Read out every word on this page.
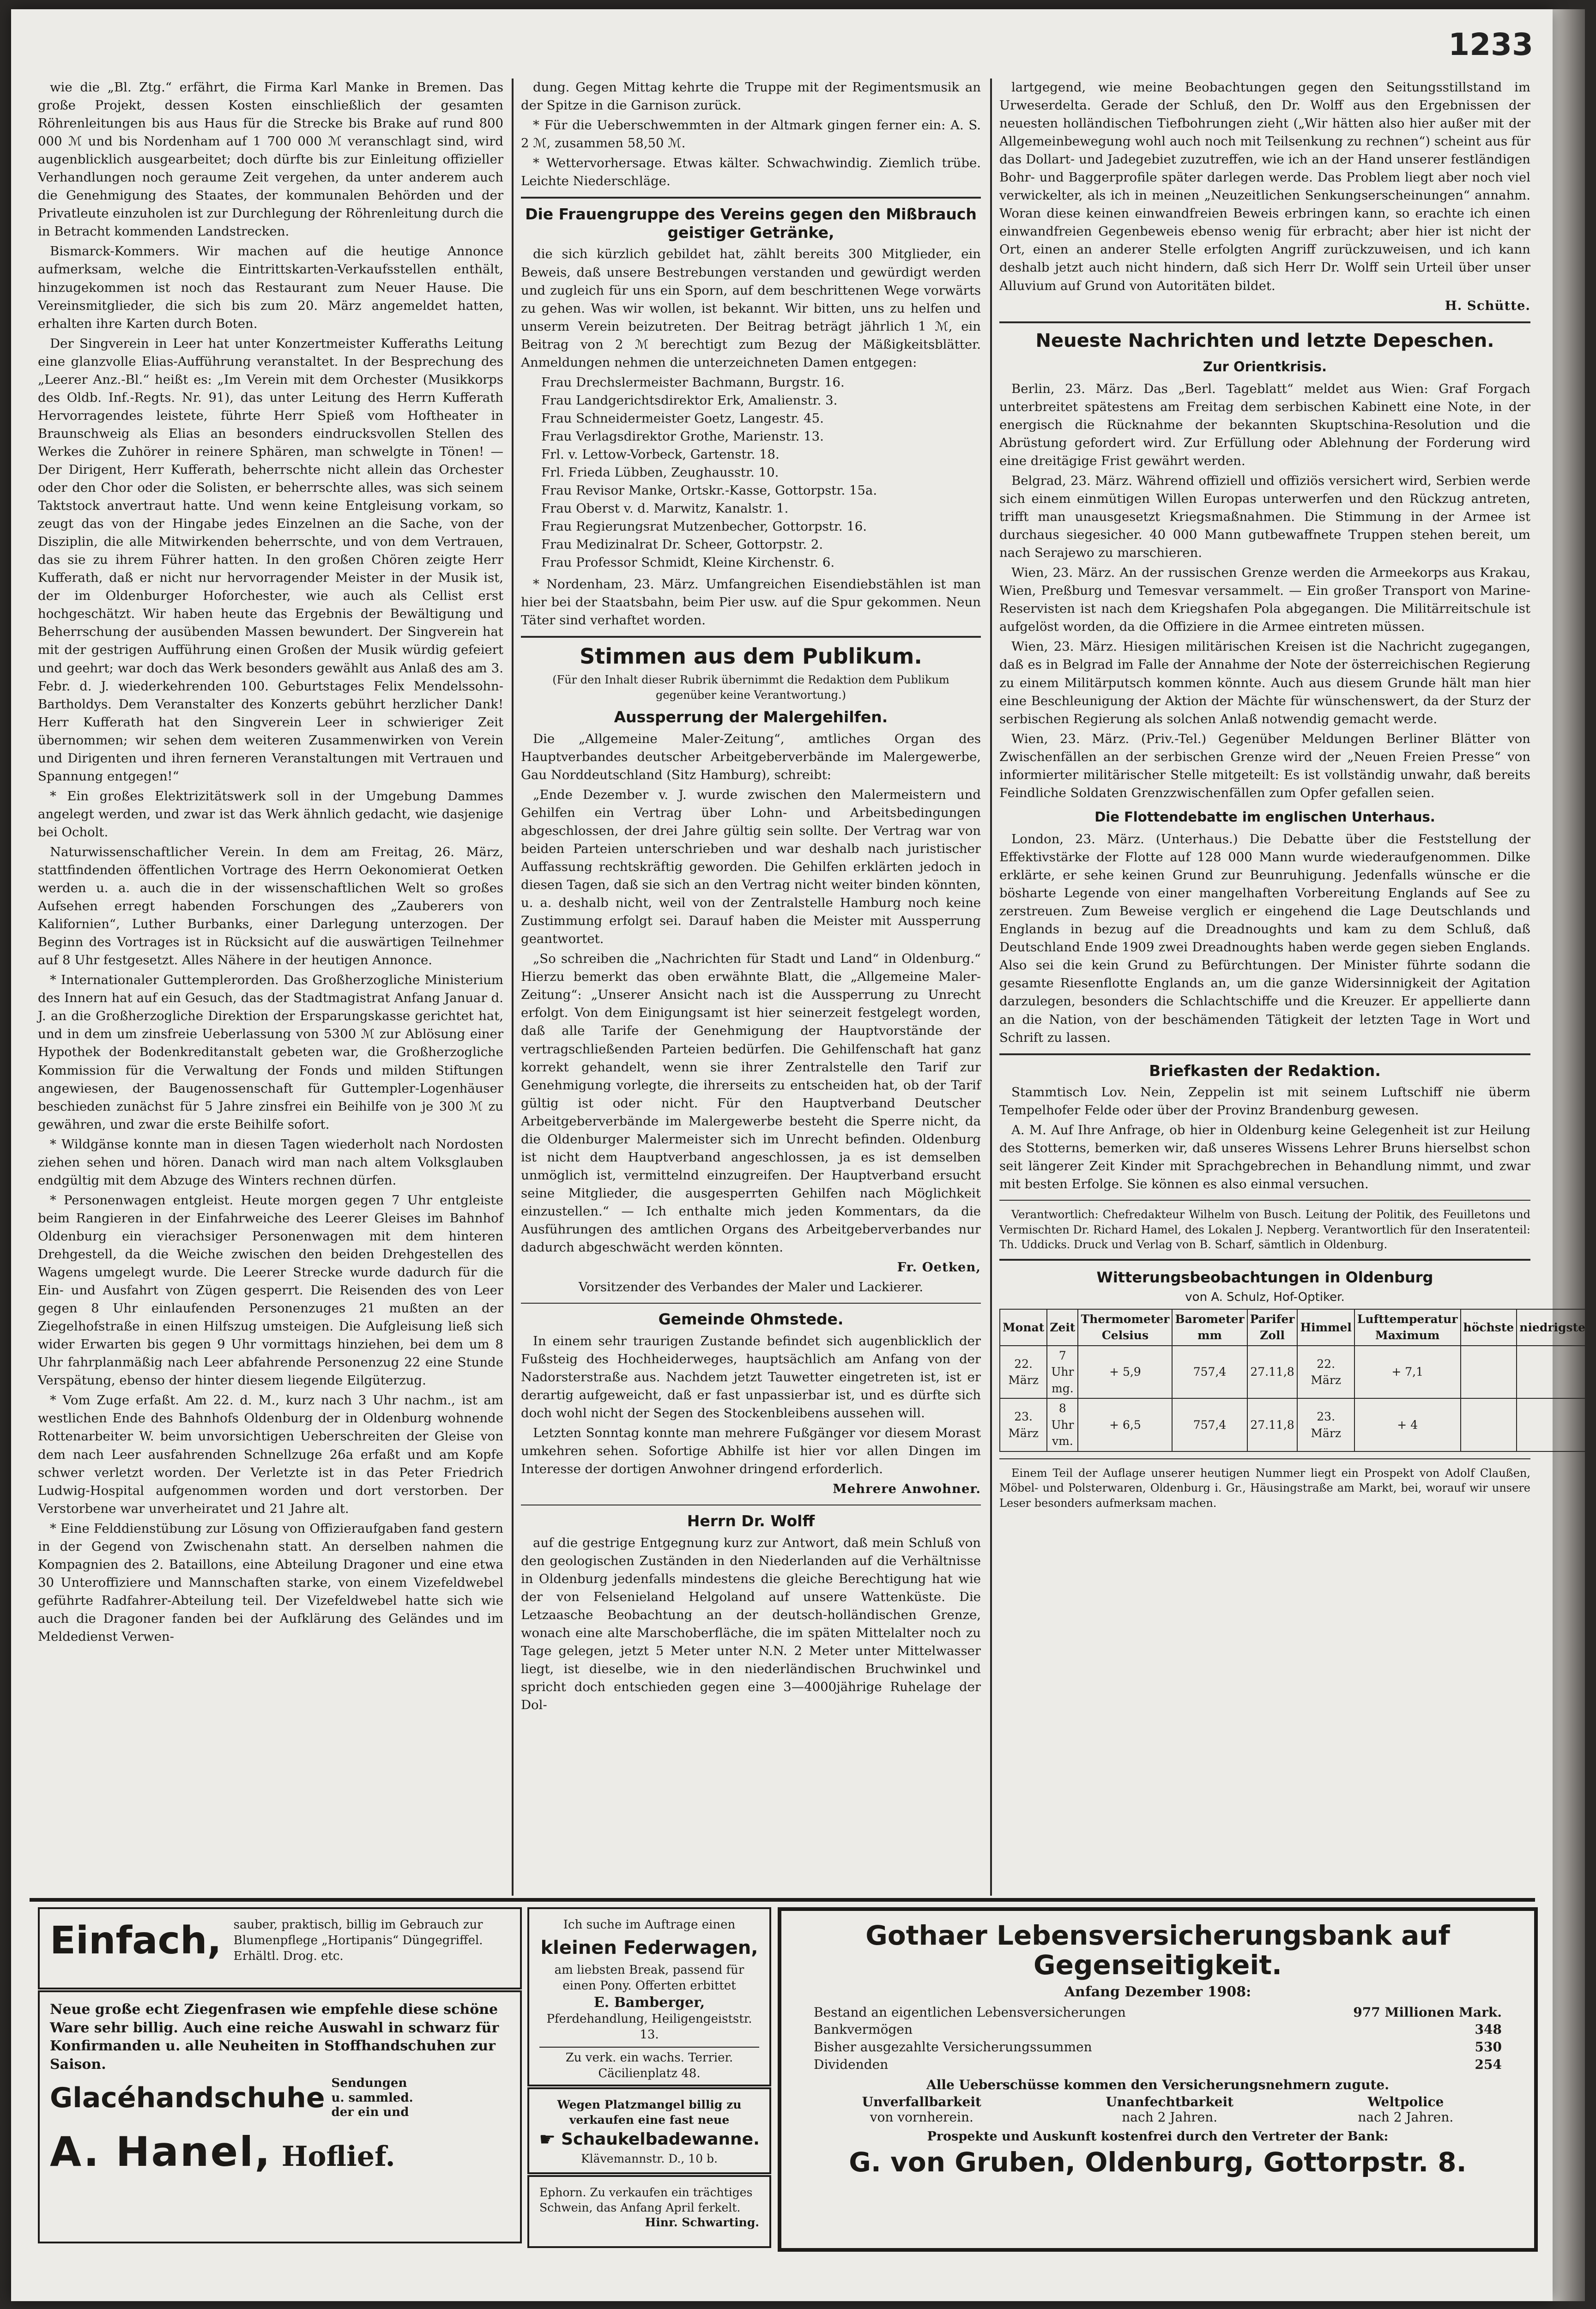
1233

wie die „Bl. Ztg.“ erfährt, die Firma Karl Manke in Bremen. Das große Projekt, dessen Kosten einschließlich der gesamten Röhrenleitungen bis aus Haus für die Strecke bis Brake auf rund 800 000 ℳ und bis Nordenham auf 1 700 000 ℳ veranschlagt sind, wird augenblicklich ausgearbeitet; doch dürfte bis zur Einleitung offizieller Verhandlungen noch geraume Zeit vergehen, da unter anderem auch die Genehmigung des Staates, der kommunalen Behörden und der Privatleute einzuholen ist zur Durchlegung der Röhrenleitung durch die in Betracht kommenden Landstrecken.

Bismarck-Kommers. Wir machen auf die heutige Annonce aufmerksam, welche die Eintrittskarten-Verkaufsstellen enthält, hinzugekommen ist noch das Restaurant zum Neuer Hause. Die Vereinsmitglieder, die sich bis zum 20. März angemeldet hatten, erhalten ihre Karten durch Boten.

Der Singverein in Leer hat unter Konzertmeister Kufferaths Leitung eine glanzvolle Elias-Aufführung veranstaltet. In der Besprechung des „Leerer Anz.-Bl.“ heißt es: „Im Verein mit dem Orchester (Musikkorps des Oldb. Inf.-Regts. Nr. 91), das unter Leitung des Herrn Kufferath Hervorragendes leistete, führte Herr Spieß vom Hoftheater in Braunschweig als Elias an besonders eindrucksvollen Stellen des Werkes die Zuhörer in reinere Sphären, man schwelgte in Tönen! — Der Dirigent, Herr Kufferath, beherrschte nicht allein das Orchester oder den Chor oder die Solisten, er beherrschte alles, was sich seinem Taktstock anvertraut hatte. Und wenn keine Entgleisung vorkam, so zeugt das von der Hingabe jedes Einzelnen an die Sache, von der Disziplin, die alle Mitwirkenden beherrschte, und von dem Vertrauen, das sie zu ihrem Führer hatten. In den großen Chören zeigte Herr Kufferath, daß er nicht nur hervorragender Meister in der Musik ist, der im Oldenburger Hoforchester, wie auch als Cellist erst hochgeschätzt. Wir haben heute das Ergebnis der Bewältigung und Beherrschung der ausübenden Massen bewundert. Der Singverein hat mit der gestrigen Aufführung einen Großen der Musik würdig gefeiert und geehrt; war doch das Werk besonders gewählt aus Anlaß des am 3. Febr. d. J. wiederkehrenden 100. Geburtstages Felix Mendelssohn-Bartholdys. Dem Veranstalter des Konzerts gebührt herzlicher Dank! Herr Kufferath hat den Singverein Leer in schwieriger Zeit übernommen; wir sehen dem weiteren Zusammenwirken von Verein und Dirigenten und ihren ferneren Veranstaltungen mit Vertrauen und Spannung entgegen!“

* Ein großes Elektrizitätswerk soll in der Umgebung Dammes angelegt werden, und zwar ist das Werk ähnlich gedacht, wie dasjenige bei Ocholt.

Naturwissenschaftlicher Verein. In dem am Freitag, 26. März, stattfindenden öffentlichen Vortrage des Herrn Oekonomierat Oetken werden u. a. auch die in der wissenschaftlichen Welt so großes Aufsehen erregt habenden Forschungen des „Zauberers von Kalifornien“, Luther Burbanks, einer Darlegung unterzogen. Der Beginn des Vortrages ist in Rücksicht auf die auswärtigen Teilnehmer auf 8 Uhr festgesetzt. Alles Nähere in der heutigen Annonce.

* Internationaler Guttemplerorden. Das Großherzogliche Ministerium des Innern hat auf ein Gesuch, das der Stadtmagistrat Anfang Januar d. J. an die Großherzogliche Direktion der Ersparungskasse gerichtet hat, und in dem um zinsfreie Ueberlassung von 5300 ℳ zur Ablösung einer Hypothek der Bodenkreditanstalt gebeten war, die Großherzogliche Kommission für die Verwaltung der Fonds und milden Stiftungen angewiesen, der Baugenossenschaft für Guttempler-Logenhäuser beschieden zunächst für 5 Jahre zinsfrei ein Beihilfe von je 300 ℳ zu gewähren, und zwar die erste Beihilfe sofort.

* Wildgänse konnte man in diesen Tagen wiederholt nach Nordosten ziehen sehen und hören. Danach wird man nach altem Volksglauben endgültig mit dem Abzuge des Winters rechnen dürfen.

* Personenwagen entgleist. Heute morgen gegen 7 Uhr entgleiste beim Rangieren in der Einfahrweiche des Leerer Gleises im Bahnhof Oldenburg ein vierachsiger Personenwagen mit dem hinteren Drehgestell, da die Weiche zwischen den beiden Drehgestellen des Wagens umgelegt wurde. Die Leerer Strecke wurde dadurch für die Ein- und Ausfahrt von Zügen gesperrt. Die Reisenden des von Leer gegen 8 Uhr einlaufenden Personenzuges 21 mußten an der Ziegelhofstraße in einen Hilfszug umsteigen. Die Aufgleisung ließ sich wider Erwarten bis gegen 9 Uhr vormittags hinziehen, bei dem um 8 Uhr fahrplanmäßig nach Leer abfahrende Personenzug 22 eine Stunde Verspätung, ebenso der hinter diesem liegende Eilgüterzug.

* Vom Zuge erfaßt. Am 22. d. M., kurz nach 3 Uhr nachm., ist am westlichen Ende des Bahnhofs Oldenburg der in Oldenburg wohnende Rottenarbeiter W. beim unvorsichtigen Ueberschreiten der Gleise von dem nach Leer ausfahrenden Schnellzuge 26a erfaßt und am Kopfe schwer verletzt worden. Der Verletzte ist in das Peter Friedrich Ludwig-Hospital aufgenommen worden und dort verstorben. Der Verstorbene war unverheiratet und 21 Jahre alt.

* Eine Felddienstübung zur Lösung von Offizieraufgaben fand gestern in der Gegend von Zwischenahn statt. An derselben nahmen die Kompagnien des 2. Bataillons, eine Abteilung Dragoner und eine etwa 30 Unteroffiziere und Mannschaften starke, von einem Vizefeldwebel geführte Radfahrer-Abteilung teil. Der Vizefeldwebel hatte sich wie auch die Dragoner fanden bei der Aufklärung des Geländes und im Meldedienst Verwen-

dung. Gegen Mittag kehrte die Truppe mit der Regimentsmusik an der Spitze in die Garnison zurück.

* Für die Ueberschwemmten in der Altmark gingen ferner ein: A. S. 2 ℳ, zusammen 58,50 ℳ.

* Wettervorhersage. Etwas kälter. Schwachwindig. Ziemlich trübe. Leichte Niederschläge.

Die Frauengruppe des Vereins gegen den Mißbrauch geistiger Getränke,

die sich kürzlich gebildet hat, zählt bereits 300 Mitglieder, ein Beweis, daß unsere Bestrebungen verstanden und gewürdigt werden und zugleich für uns ein Sporn, auf dem beschrittenen Wege vorwärts zu gehen. Was wir wollen, ist bekannt. Wir bitten, uns zu helfen und unserm Verein beizutreten. Der Beitrag beträgt jährlich 1 ℳ, ein Beitrag von 2 ℳ berechtigt zum Bezug der Mäßigkeitsblätter. Anmeldungen nehmen die unterzeichneten Damen entgegen:

Frau Drechslermeister Bachmann, Burgstr. 16.
Frau Landgerichtsdirektor Erk, Amalienstr. 3.
Frau Schneidermeister Goetz, Langestr. 45.
Frau Verlagsdirektor Grothe, Marienstr. 13.
Frl. v. Lettow-Vorbeck, Gartenstr. 18.
Frl. Frieda Lübben, Zeughausstr. 10.
Frau Revisor Manke, Ortskr.-Kasse, Gottorpstr. 15a.
Frau Oberst v. d. Marwitz, Kanalstr. 1.
Frau Regierungsrat Mutzenbecher, Gottorpstr. 16.
Frau Medizinalrat Dr. Scheer, Gottorpstr. 2.
Frau Professor Schmidt, Kleine Kirchenstr. 6.

* Nordenham, 23. März. Umfangreichen Eisendiebstählen ist man hier bei der Staatsbahn, beim Pier usw. auf die Spur gekommen. Neun Täter sind verhaftet worden.

Stimmen aus dem Publikum.

(Für den Inhalt dieser Rubrik übernimmt die Redaktion dem Publikum gegenüber keine Verantwortung.)

Aussperrung der Malergehilfen.

Die „Allgemeine Maler-Zeitung“, amtliches Organ des Hauptverbandes deutscher Arbeitgeberverbände im Malergewerbe, Gau Norddeutschland (Sitz Hamburg), schreibt:

„Ende Dezember v. J. wurde zwischen den Malermeistern und Gehilfen ein Vertrag über Lohn- und Arbeitsbedingungen abgeschlossen, der drei Jahre gültig sein sollte. Der Vertrag war von beiden Parteien unterschrieben und war deshalb nach juristischer Auffassung rechtskräftig geworden. Die Gehilfen erklärten jedoch in diesen Tagen, daß sie sich an den Vertrag nicht weiter binden könnten, u. a. deshalb nicht, weil von der Zentralstelle Hamburg noch keine Zustimmung erfolgt sei. Darauf haben die Meister mit Aussperrung geantwortet.

„So schreiben die „Nachrichten für Stadt und Land“ in Oldenburg.“ Hierzu bemerkt das oben erwähnte Blatt, die „Allgemeine Maler-Zeitung“: „Unserer Ansicht nach ist die Aussperrung zu Unrecht erfolgt. Von dem Einigungsamt ist hier seinerzeit festgelegt worden, daß alle Tarife der Genehmigung der Hauptvorstände der vertragschließenden Parteien bedürfen. Die Gehilfenschaft hat ganz korrekt gehandelt, wenn sie ihrer Zentralstelle den Tarif zur Genehmigung vorlegte, die ihrerseits zu entscheiden hat, ob der Tarif gültig ist oder nicht. Für den Hauptverband Deutscher Arbeitgeberverbände im Malergewerbe besteht die Sperre nicht, da die Oldenburger Malermeister sich im Unrecht befinden. Oldenburg ist nicht dem Hauptverband angeschlossen, ja es ist demselben unmöglich ist, vermittelnd einzugreifen. Der Hauptverband ersucht seine Mitglieder, die ausgesperrten Gehilfen nach Möglichkeit einzustellen.“ — Ich enthalte mich jeden Kommentars, da die Ausführungen des amtlichen Organs des Arbeitgeberverbandes nur dadurch abgeschwächt werden könnten.

Fr. Oetken,

Vorsitzender des Verbandes der Maler und Lackierer.

Gemeinde Ohmstede.

In einem sehr traurigen Zustande befindet sich augenblicklich der Fußsteig des Hochheiderweges, hauptsächlich am Anfang von der Nadorsterstraße aus. Nachdem jetzt Tauwetter eingetreten ist, ist er derartig aufgeweicht, daß er fast unpassierbar ist, und es dürfte sich doch wohl nicht der Segen des Stockenbleibens aussehen will.

Letzten Sonntag konnte man mehrere Fußgänger vor diesem Morast umkehren sehen. Sofortige Abhilfe ist hier vor allen Dingen im Interesse der dortigen Anwohner dringend erforderlich.

Mehrere Anwohner.

Herrn Dr. Wolff

auf die gestrige Entgegnung kurz zur Antwort, daß mein Schluß von den geologischen Zuständen in den Niederlanden auf die Verhältnisse in Oldenburg jedenfalls mindestens die gleiche Berechtigung hat wie der von Felsenieland Helgoland auf unsere Wattenküste. Die Letzaasche Beobachtung an der deutsch-holländischen Grenze, wonach eine alte Marschoberfläche, die im späten Mittelalter noch zu Tage gelegen, jetzt 5 Meter unter N.N. 2 Meter unter Mittelwasser liegt, ist dieselbe, wie in den niederländischen Bruchwinkel und spricht doch entschieden gegen eine 3—4000jährige Ruhelage der Dol-

lartgegend, wie meine Beobachtungen gegen den Seitungsstillstand im Urweserdelta. Gerade der Schluß, den Dr. Wolff aus den Ergebnissen der neuesten holländischen Tiefbohrungen zieht („Wir hätten also hier außer mit der Allgemeinbewegung wohl auch noch mit Teilsenkung zu rechnen“) scheint aus für das Dollart- und Jadegebiet zuzutreffen, wie ich an der Hand unserer festländigen Bohr- und Baggerprofile später darlegen werde. Das Problem liegt aber noch viel verwickelter, als ich in meinen „Neuzeitlichen Senkungserscheinungen“ annahm. Woran diese keinen einwandfreien Beweis erbringen kann, so erachte ich einen einwandfreien Gegenbeweis ebenso wenig für erbracht; aber hier ist nicht der Ort, einen an anderer Stelle erfolgten Angriff zurückzuweisen, und ich kann deshalb jetzt auch nicht hindern, daß sich Herr Dr. Wolff sein Urteil über unser Alluvium auf Grund von Autoritäten bildet.

H. Schütte.

Neueste Nachrichten und letzte Depeschen.
Zur Orientkrisis.

Berlin, 23. März. Das „Berl. Tageblatt“ meldet aus Wien: Graf Forgach unterbreitet spätestens am Freitag dem serbischen Kabinett eine Note, in der energisch die Rücknahme der bekannten Skuptschina-Resolution und die Abrüstung gefordert wird. Zur Erfüllung oder Ablehnung der Forderung wird eine dreitägige Frist gewährt werden.

Belgrad, 23. März. Während offiziell und offiziös versichert wird, Serbien werde sich einem einmütigen Willen Europas unterwerfen und den Rückzug antreten, trifft man unausgesetzt Kriegsmaßnahmen. Die Stimmung in der Armee ist durchaus siegesicher. 40 000 Mann gutbewaffnete Truppen stehen bereit, um nach Serajewo zu marschieren.

Wien, 23. März. An der russischen Grenze werden die Armeekorps aus Krakau, Wien, Preßburg und Temesvar versammelt. — Ein großer Transport von Marine-Reservisten ist nach dem Kriegshafen Pola abgegangen. Die Militärreitschule ist aufgelöst worden, da die Offiziere in die Armee eintreten müssen.

Wien, 23. März. Hiesigen militärischen Kreisen ist die Nachricht zugegangen, daß es in Belgrad im Falle der Annahme der Note der österreichischen Regierung zu einem Militärputsch kommen könnte. Auch aus diesem Grunde hält man hier eine Beschleunigung der Aktion der Mächte für wünschenswert, da der Sturz der serbischen Regierung als solchen Anlaß notwendig gemacht werde.

Wien, 23. März. (Priv.-Tel.) Gegenüber Meldungen Berliner Blätter von Zwischenfällen an der serbischen Grenze wird der „Neuen Freien Presse“ von informierter militärischer Stelle mitgeteilt: Es ist vollständig unwahr, daß bereits Feindliche Soldaten Grenzzwischenfällen zum Opfer gefallen seien.

Die Flottendebatte im englischen Unterhaus.

London, 23. März. (Unterhaus.) Die Debatte über die Feststellung der Effektivstärke der Flotte auf 128 000 Mann wurde wiederaufgenommen. Dilke erklärte, er sehe keinen Grund zur Beunruhigung. Jedenfalls wünsche er die bösharte Legende von einer mangelhaften Vorbereitung Englands auf See zu zerstreuen. Zum Beweise verglich er eingehend die Lage Deutschlands und Englands in bezug auf die Dreadnoughts und kam zu dem Schluß, daß Deutschland Ende 1909 zwei Dreadnoughts haben werde gegen sieben Englands. Also sei die kein Grund zu Befürchtungen. Der Minister führte sodann die gesamte Riesenflotte Englands an, um die ganze Widersinnigkeit der Agitation darzulegen, besonders die Schlachtschiffe und die Kreuzer. Er appellierte dann an die Nation, von der beschämenden Tätigkeit der letzten Tage in Wort und Schrift zu lassen.

Briefkasten der Redaktion.

Stammtisch Lov. Nein, Zeppelin ist mit seinem Luftschiff nie überm Tempelhofer Felde oder über der Provinz Brandenburg gewesen.

A. M. Auf Ihre Anfrage, ob hier in Oldenburg keine Gelegenheit ist zur Heilung des Stotterns, bemerken wir, daß unseres Wissens Lehrer Bruns hierselbst schon seit längerer Zeit Kinder mit Sprachgebrechen in Behandlung nimmt, und zwar mit besten Erfolge. Sie können es also einmal versuchen.

Verantwortlich: Chefredakteur Wilhelm von Busch. Leitung der Politik, des Feuilletons und Vermischten Dr. Richard Hamel, des Lokalen J. Nepberg. Verantwortlich für den Inseratenteil: Th. Uddicks. Druck und Verlag von B. Scharf, sämtlich in Oldenburg.

Witterungsbeobachtungen in Oldenburg
von A. Schulz, Hof-Optiker.
Monat	Zeit	Thermometer Celsius	Barometer mm	Parifer Zoll	Himmel	Lufttemperatur Maximum	höchste	niedrigste
22. März	7 Uhr mg.	+ 5,9	757,4	27.11,8	22. März	+ 7,1		
23. März	8 Uhr vm.	+ 6,5	757,4	27.11,8	23. März	+ 4		

Einem Teil der Auflage unserer heutigen Nummer liegt ein Prospekt von Adolf Claußen, Möbel- und Polsterwaren, Oldenburg i. Gr., Häusingstraße am Markt, bei, worauf wir unsere Leser besonders aufmerksam machen.

Einfach, sauber, praktisch, billig im Gebrauch zur Blumenpflege „Hortipanis“ Düngegriffel. Erhältl. Drog. etc.
Neue große echt Ziegenfrasen wie empfehle diese schöne Ware sehr billig. Auch eine reiche Auswahl in schwarz für Konfirmanden u. alle Neuheiten in Stoffhandschuhen zur Saison.
Glacéhandschuhe Sendungen u. sammled. der ein und
A. Hanel, Hoflief.
Ich suche im Auftrage einen
kleinen Federwagen,
am liebsten Break, passend für einen Pony. Offerten erbittet
E. Bamberger,
Pferdehandlung, Heiligengeiststr. 13.
Zu verk. ein wachs. Terrier. Cäcilienplatz 48.
Wegen Platzmangel billig zu verkaufen eine fast neue
☛ Schaukelbadewanne.
Klävemannstr. D., 10 b.
Ephorn. Zu verkaufen ein trächtiges Schwein, das Anfang April ferkelt.
Hinr. Schwarting.
Gothaer Lebensversicherungsbank auf Gegenseitigkeit.
Anfang Dezember 1908:
Bestand an eigentlichen Lebensversicherungen	977 Millionen Mark.
Bankvermögen	348
Bisher ausgezahlte Versicherungssummen	530
Dividenden	254
Alle Ueberschüsse kommen den Versicherungsnehmern zugute.
Unverfallbarkeit
von vornherein.
Unanfechtbarkeit
nach 2 Jahren.
Weltpolice
nach 2 Jahren.
Prospekte und Auskunft kostenfrei durch den Vertreter der Bank:
G. von Gruben, Oldenburg, Gottorpstr. 8.
